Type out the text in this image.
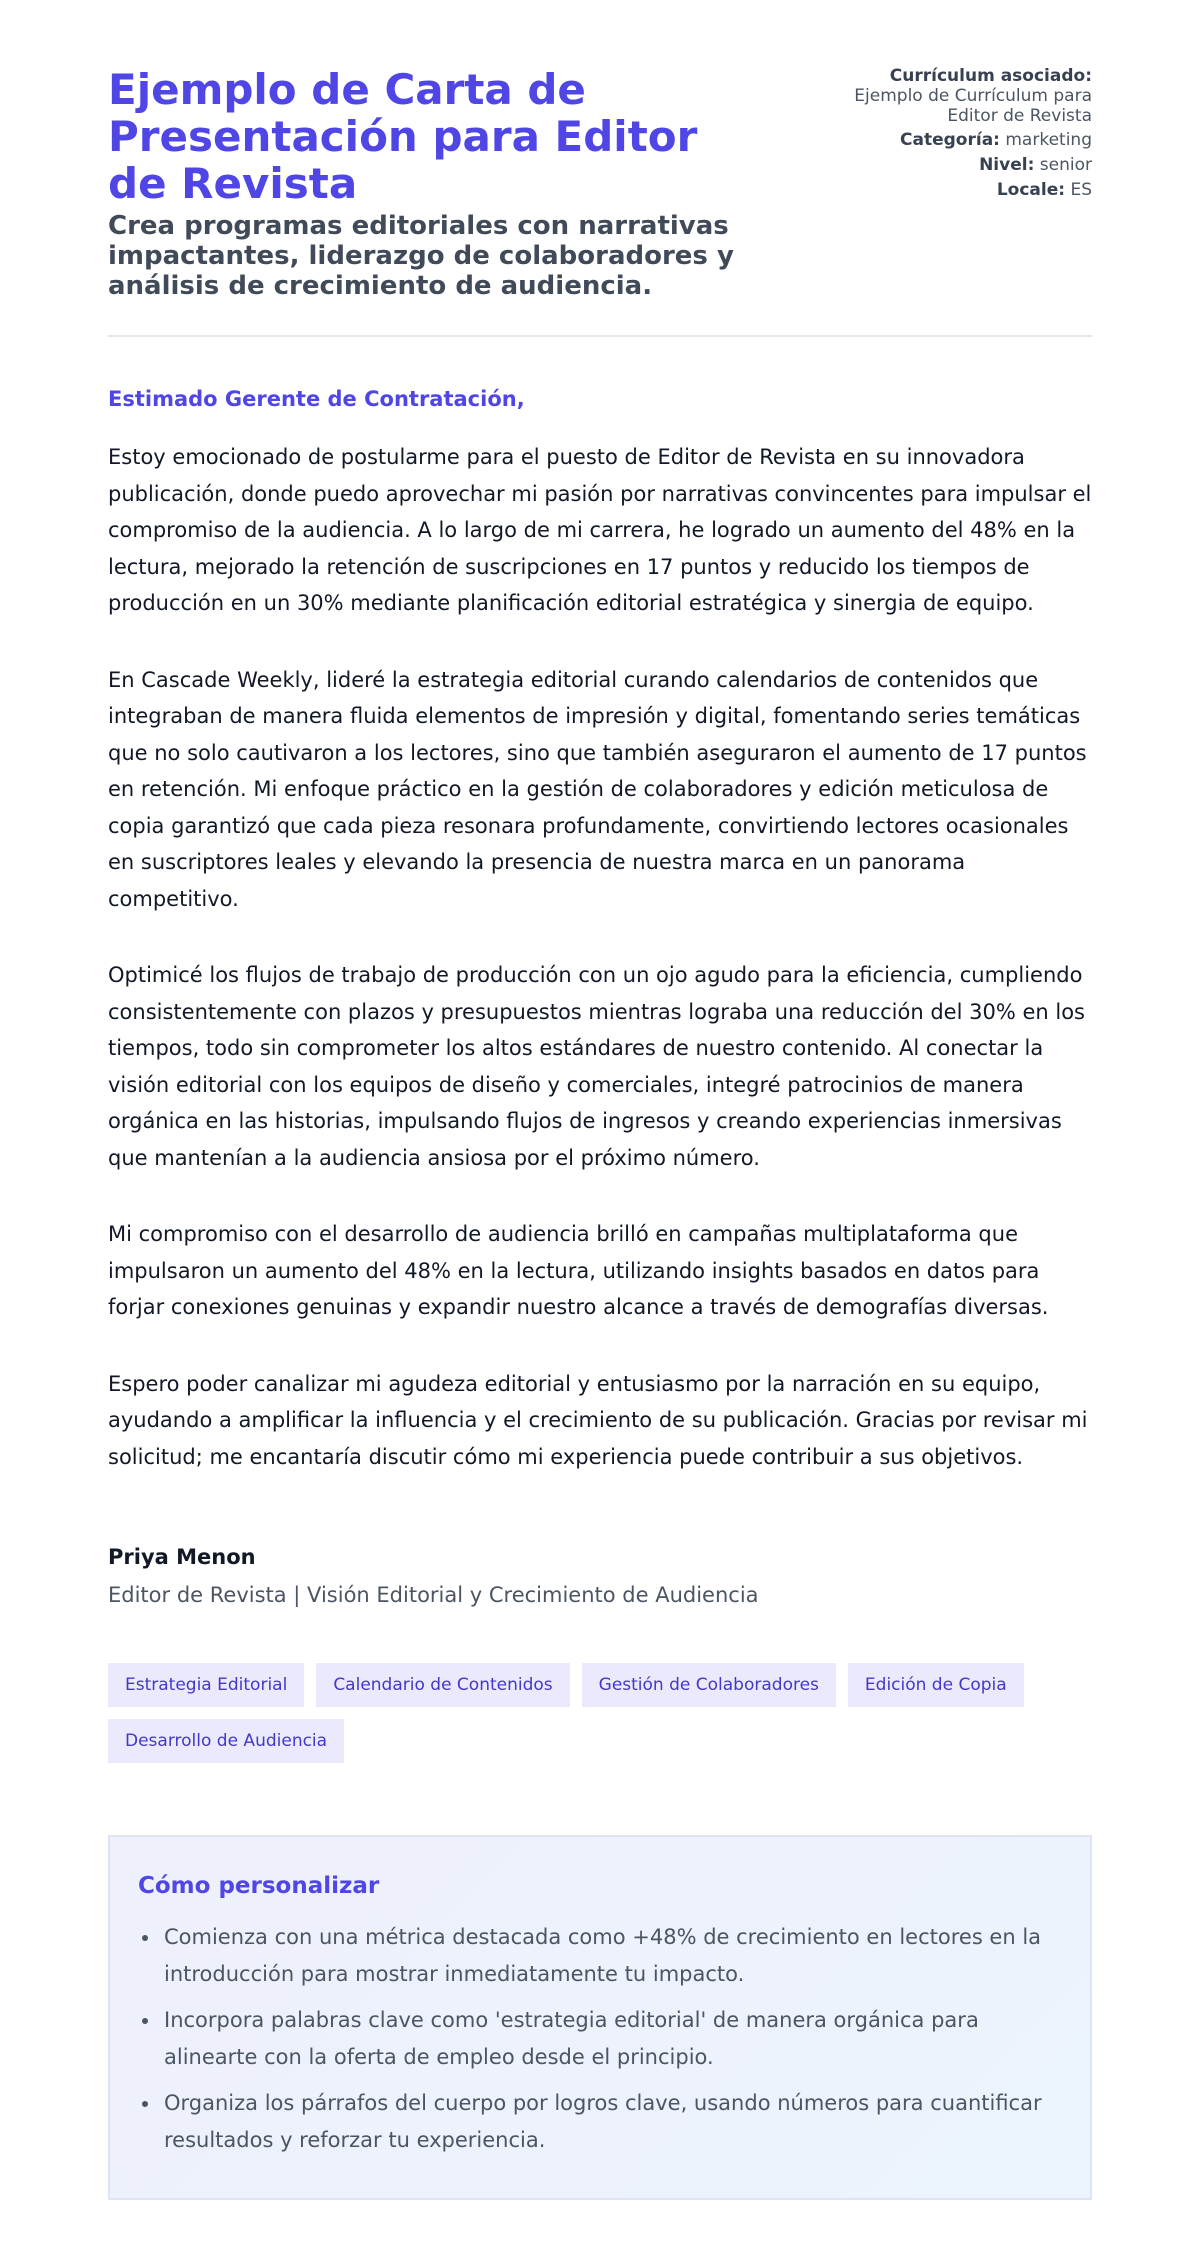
Ejemplo de Carta de Presentación para Editor de Revista
Crea programas editoriales con narrativas impactantes, liderazgo de colaboradores y análisis de crecimiento de audiencia.
Currículum asociado:
Ejemplo de Currículum para Editor de Revista
Categoría: marketing
Nivel: senior
Locale: ES

Estimado Gerente de Contratación,

Estoy emocionado de postularme para el puesto de Editor de Revista en su innovadora publicación, donde puedo aprovechar mi pasión por narrativas convincentes para impulsar el compromiso de la audiencia. A lo largo de mi carrera, he logrado un aumento del 48% en la lectura, mejorado la retención de suscripciones en 17 puntos y reducido los tiempos de producción en un 30% mediante planificación editorial estratégica y sinergia de equipo.

En Cascade Weekly, lideré la estrategia editorial curando calendarios de contenidos que integraban de manera fluida elementos de impresión y digital, fomentando series temáticas que no solo cautivaron a los lectores, sino que también aseguraron el aumento de 17 puntos en retención. Mi enfoque práctico en la gestión de colaboradores y edición meticulosa de copia garantizó que cada pieza resonara profundamente, convirtiendo lectores ocasionales en suscriptores leales y elevando la presencia de nuestra marca en un panorama competitivo.

Optimicé los flujos de trabajo de producción con un ojo agudo para la eficiencia, cumpliendo consistentemente con plazos y presupuestos mientras lograba una reducción del 30% en los tiempos, todo sin comprometer los altos estándares de nuestro contenido. Al conectar la visión editorial con los equipos de diseño y comerciales, integré patrocinios de manera orgánica en las historias, impulsando flujos de ingresos y creando experiencias inmersivas que mantenían a la audiencia ansiosa por el próximo número.

Mi compromiso con el desarrollo de audiencia brilló en campañas multiplataforma que impulsaron un aumento del 48% en la lectura, utilizando insights basados en datos para forjar conexiones genuinas y expandir nuestro alcance a través de demografías diversas.

Espero poder canalizar mi agudeza editorial y entusiasmo por la narración en su equipo, ayudando a amplificar la influencia y el crecimiento de su publicación. Gracias por revisar mi solicitud; me encantaría discutir cómo mi experiencia puede contribuir a sus objetivos.

Priya Menon
Editor de Revista | Visión Editorial y Crecimiento de Audiencia
Estrategia Editorial	Calendario de Contenidos	Gestión de Colaboradores	Edición de Copia
Desarrollo de Audiencia
Cómo personalizar
Comienza con una métrica destacada como +48% de crecimiento en lectores en la introducción para mostrar inmediatamente tu impacto.
Incorpora palabras clave como 'estrategia editorial' de manera orgánica para alinearte con la oferta de empleo desde el principio.
Organiza los párrafos del cuerpo por logros clave, usando números para cuantificar resultados y reforzar tu experiencia.
